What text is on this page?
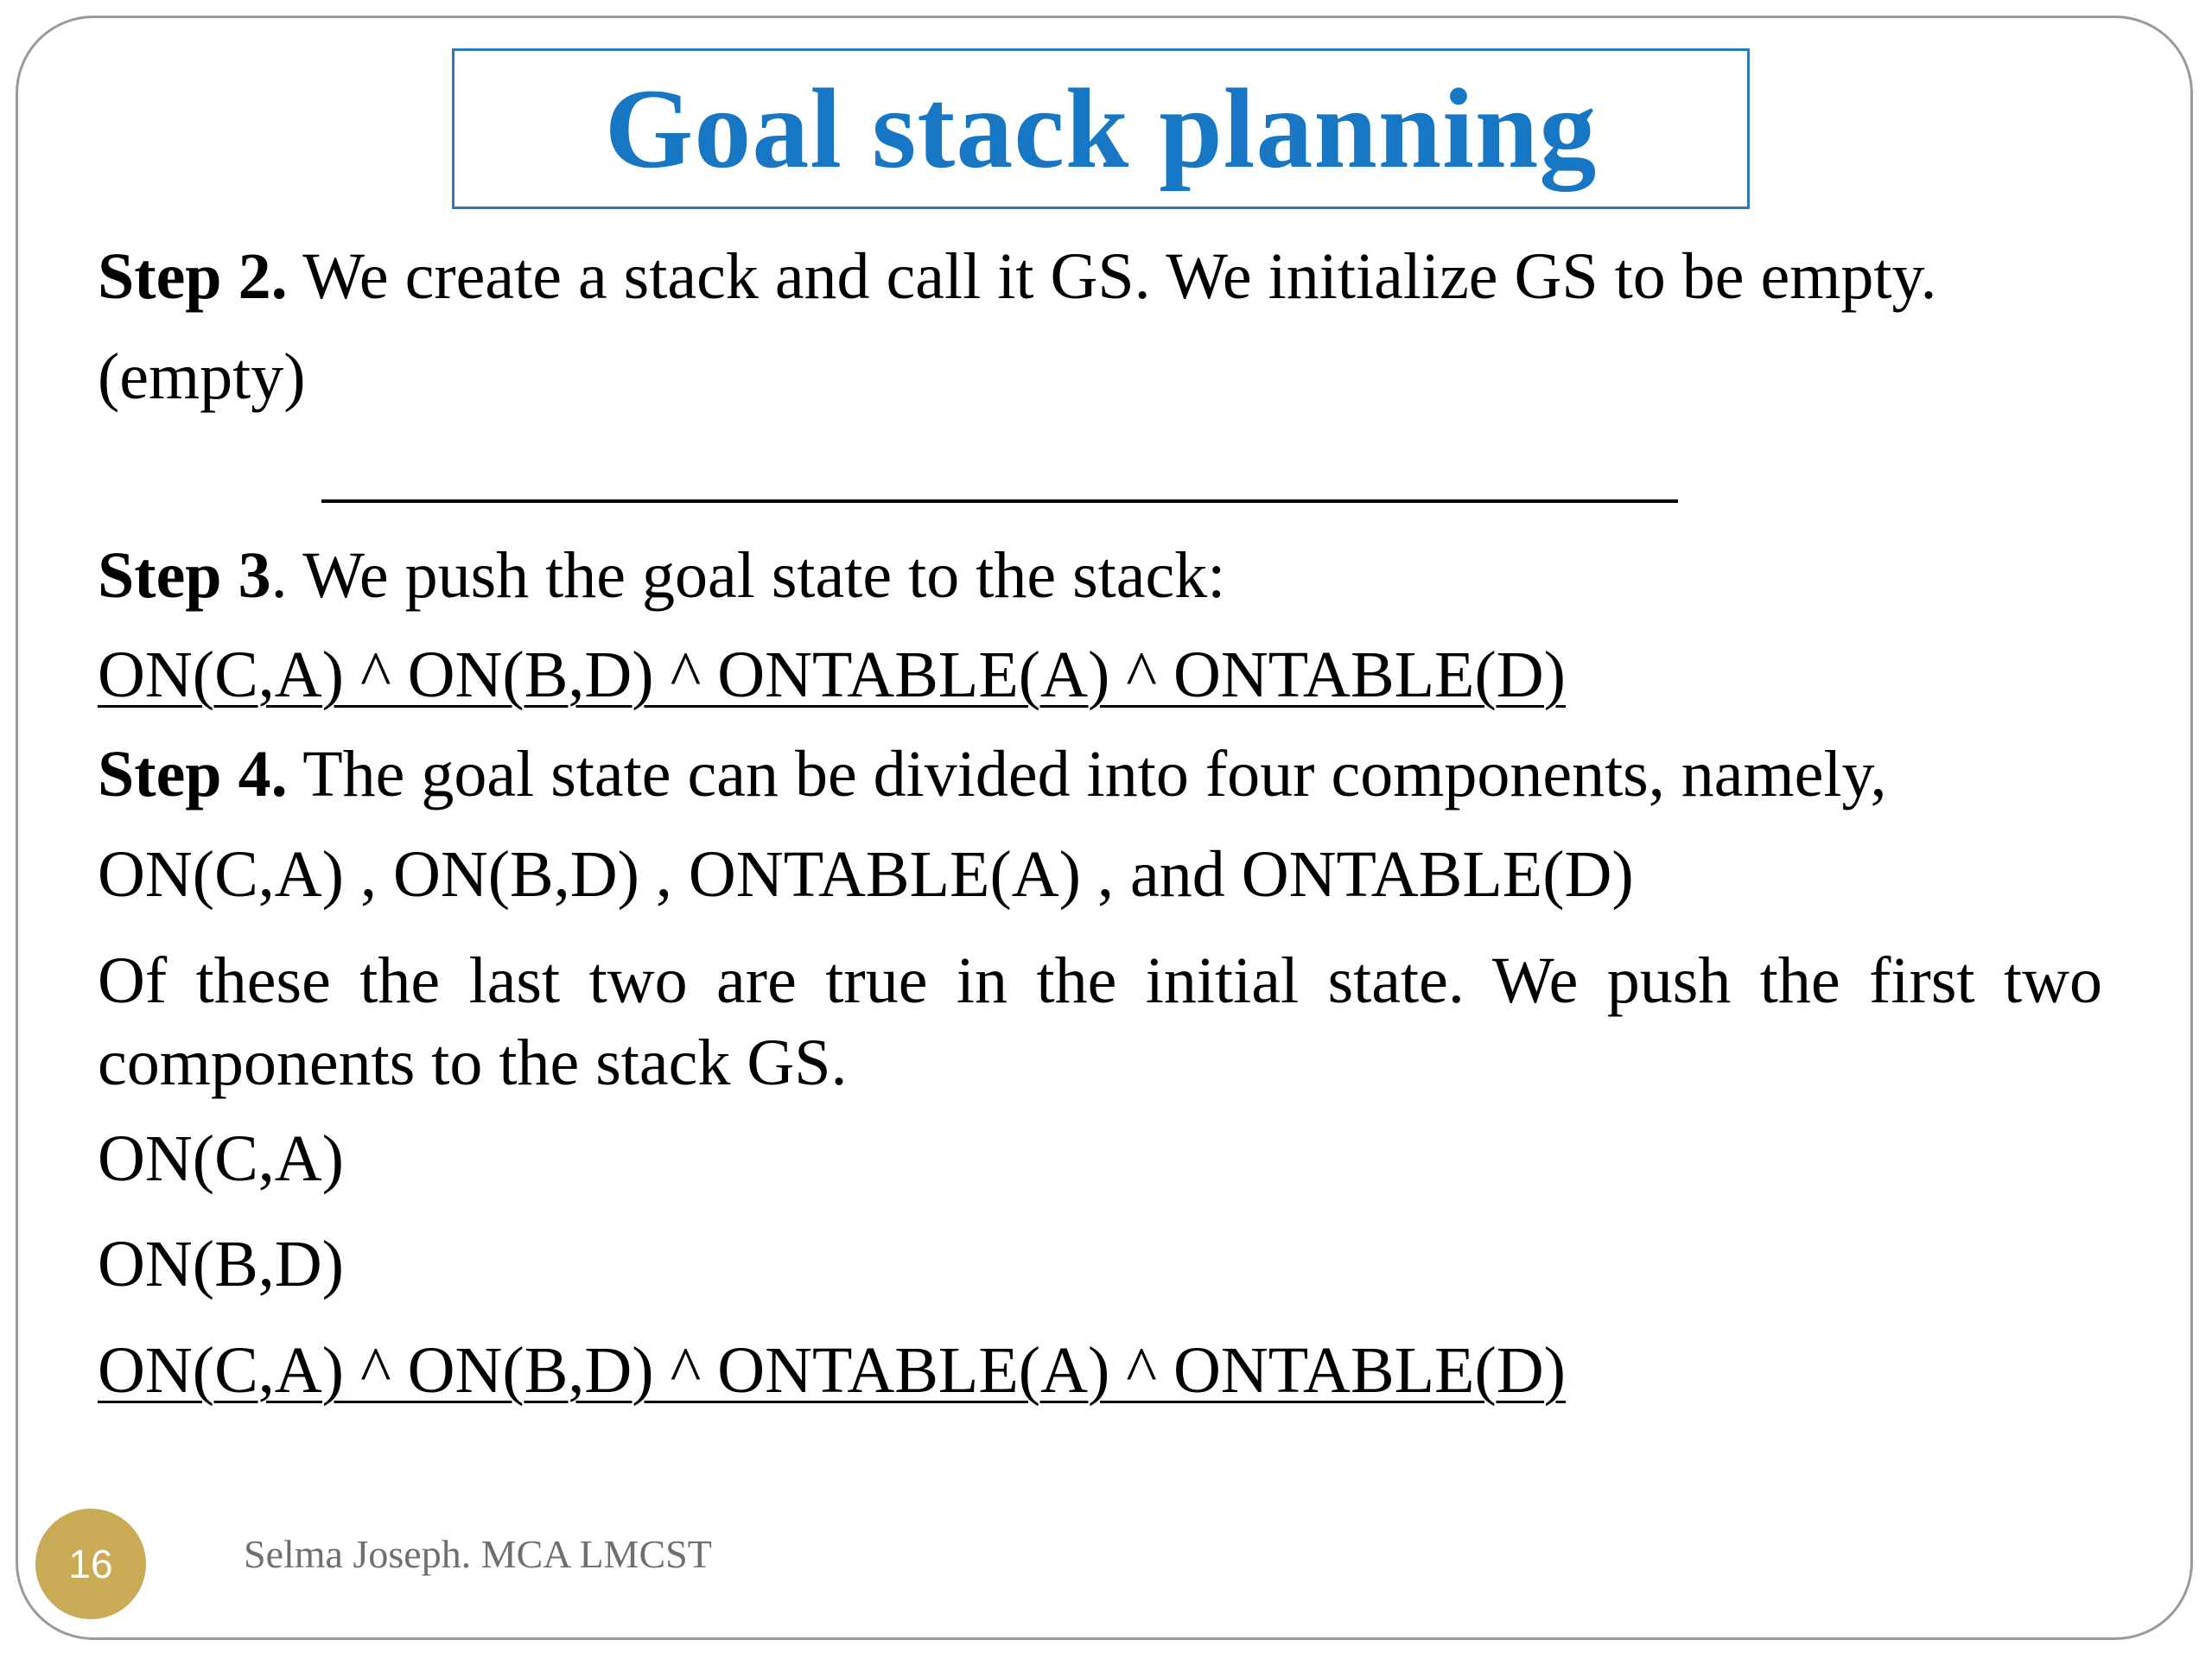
Goal stack planning
Step 2. We create a stack and call it GS. We initialize GS to be empty.
(empty)
Step 3. We push the goal state to the stack:
ON(C,A) ^ ON(B,D) ^ ONTABLE(A) ^ ONTABLE(D)
Step 4. The goal state can be divided into four components, namely,
ON(C,A) , ON(B,D) , ONTABLE(A) , and ONTABLE(D)
Of these the last two are true in the initial state. We push the first two components to the stack GS.
ON(C,A)
ON(B,D)
ON(C,A) ^ ON(B,D) ^ ONTABLE(A) ^ ONTABLE(D)
16	Selma Joseph. MCA LMCST
